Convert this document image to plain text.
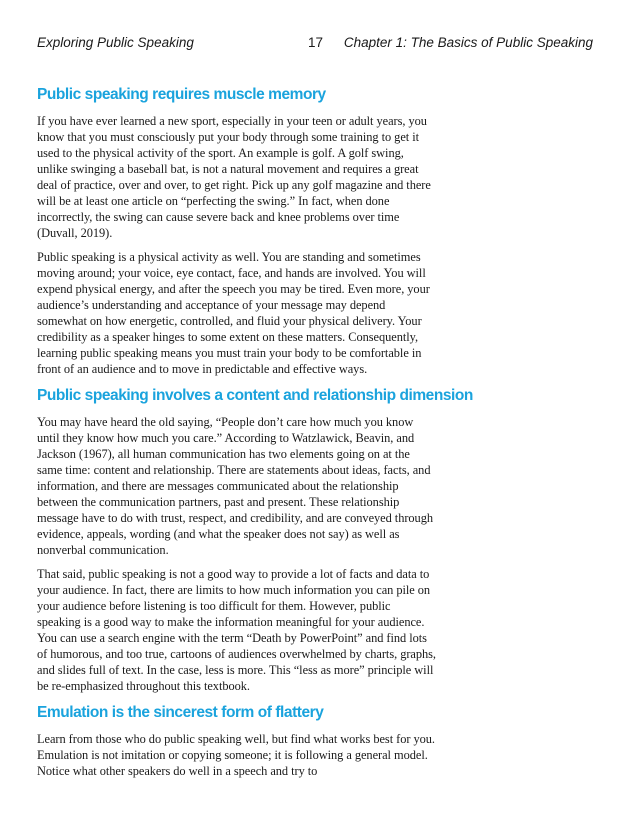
Exploring Public Speaking	17 Chapter 1: The Basics of Public Speaking
Public speaking requires muscle memory

If you have ever learned a new sport, especially in your teen or adult years, you know that you must consciously put your body through some training to get it used to the physical activity of the sport. An example is golf. A golf swing, unlike swinging a baseball bat, is not a natural movement and requires a great deal of practice, over and over, to get right. Pick up any golf magazine and there will be at least one article on “perfecting the swing.” In fact, when done incorrectly, the swing can cause severe back and knee problems over time (Duvall, 2019).

Public speaking is a physical activity as well. You are standing and sometimes moving around; your voice, eye contact, face, and hands are involved. You will expend physical energy, and after the speech you may be tired. Even more, your audience’s understanding and acceptance of your message may depend somewhat on how energetic, controlled, and fluid your physical delivery. Your credibility as a speaker hinges to some extent on these matters. Consequently, learning public speaking means you must train your body to be comfortable in front of an audience and to move in predictable and effective ways.

Public speaking involves a content and relationship dimension

You may have heard the old saying, “People don’t care how much you know until they know how much you care.” According to Watzlawick, Beavin, and Jackson (1967), all human communication has two elements going on at the same time: content and relationship. There are statements about ideas, facts, and information, and there are messages communicated about the relationship between the communication partners, past and present. These relationship message have to do with trust, respect, and credibility, and are conveyed through evidence, appeals, wording (and what the speaker does not say) as well as nonverbal communication.

That said, public speaking is not a good way to provide a lot of facts and data to your audience. In fact, there are limits to how much information you can pile on your audience before listening is too difficult for them. However, public speaking is a good way to make the information meaningful for your audience. You can use a search engine with the term “Death by PowerPoint” and find lots of humorous, and too true, cartoons of audiences overwhelmed by charts, graphs, and slides full of text. In the case, less is more. This “less as more” principle will be re-emphasized throughout this textbook.

Emulation is the sincerest form of flattery

Learn from those who do public speaking well, but find what works best for you. Emulation is not imitation or copying someone; it is following a general model. Notice what other speakers do well in a speech and try to
